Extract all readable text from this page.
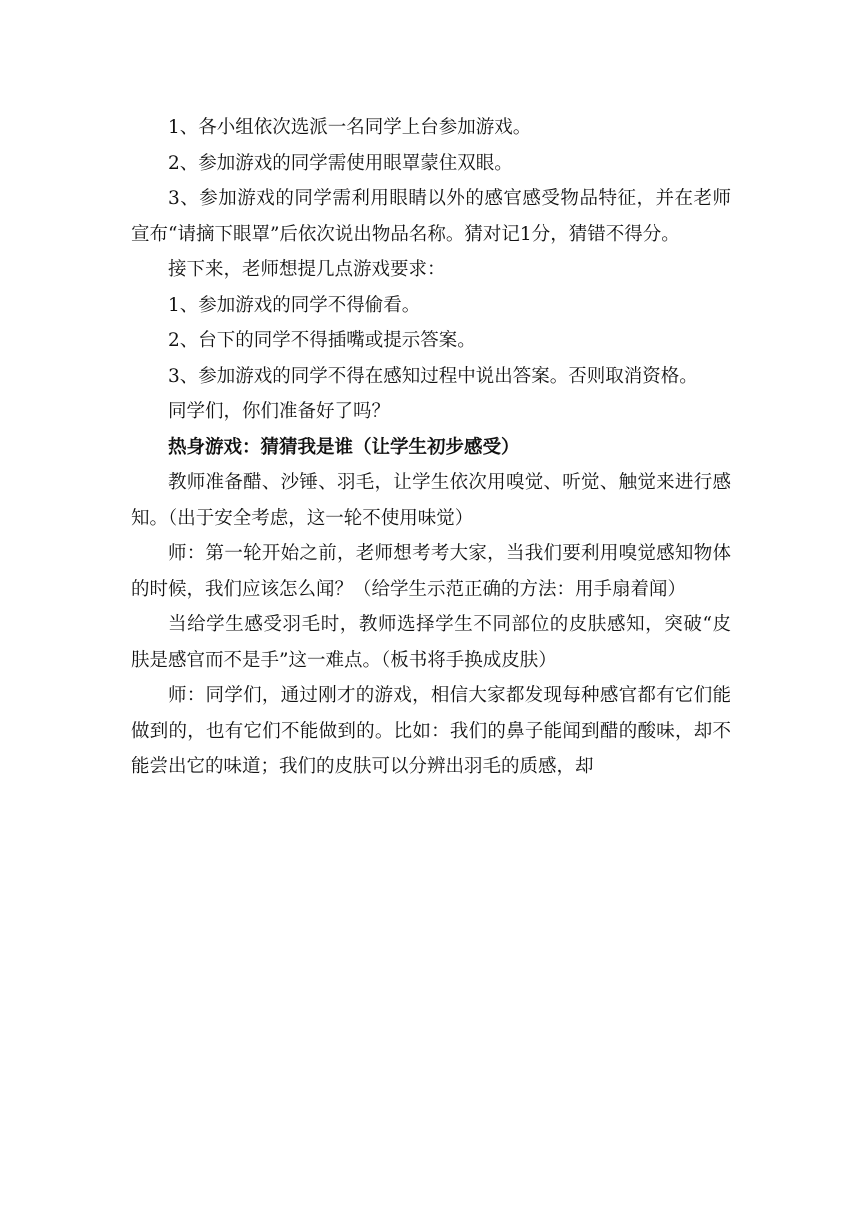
1、各小组依次选派一名同学上台参加游戏。

2、参加游戏的同学需使用眼罩蒙住双眼。

3、参加游戏的同学需利用眼睛以外的感官感受物品特征，并在老师宣布“请摘下眼罩”后依次说出物品名称。猜对记1分，猜错不得分。

接下来，老师想提几点游戏要求：

1、参加游戏的同学不得偷看。

2、台下的同学不得插嘴或提示答案。

3、参加游戏的同学不得在感知过程中说出答案。否则取消资格。

同学们，你们准备好了吗？

热身游戏：猜猜我是谁（让学生初步感受）

教师准备醋、沙锤、羽毛，让学生依次用嗅觉、听觉、触觉来进行感知。（出于安全考虑，这一轮不使用味觉）

师：第一轮开始之前，老师想考考大家，当我们要利用嗅觉感知物体的时候，我们应该怎么闻？（给学生示范正确的方法：用手扇着闻）

当给学生感受羽毛时，教师选择学生不同部位的皮肤感知，突破“皮肤是感官而不是手”这一难点。（板书将手换成皮肤）

师：同学们，通过刚才的游戏，相信大家都发现每种感官都有它们能做到的，也有它们不能做到的。比如：我们的鼻子能闻到醋的酸味，却不能尝出它的味道；我们的皮肤可以分辨出羽毛的质感，却
